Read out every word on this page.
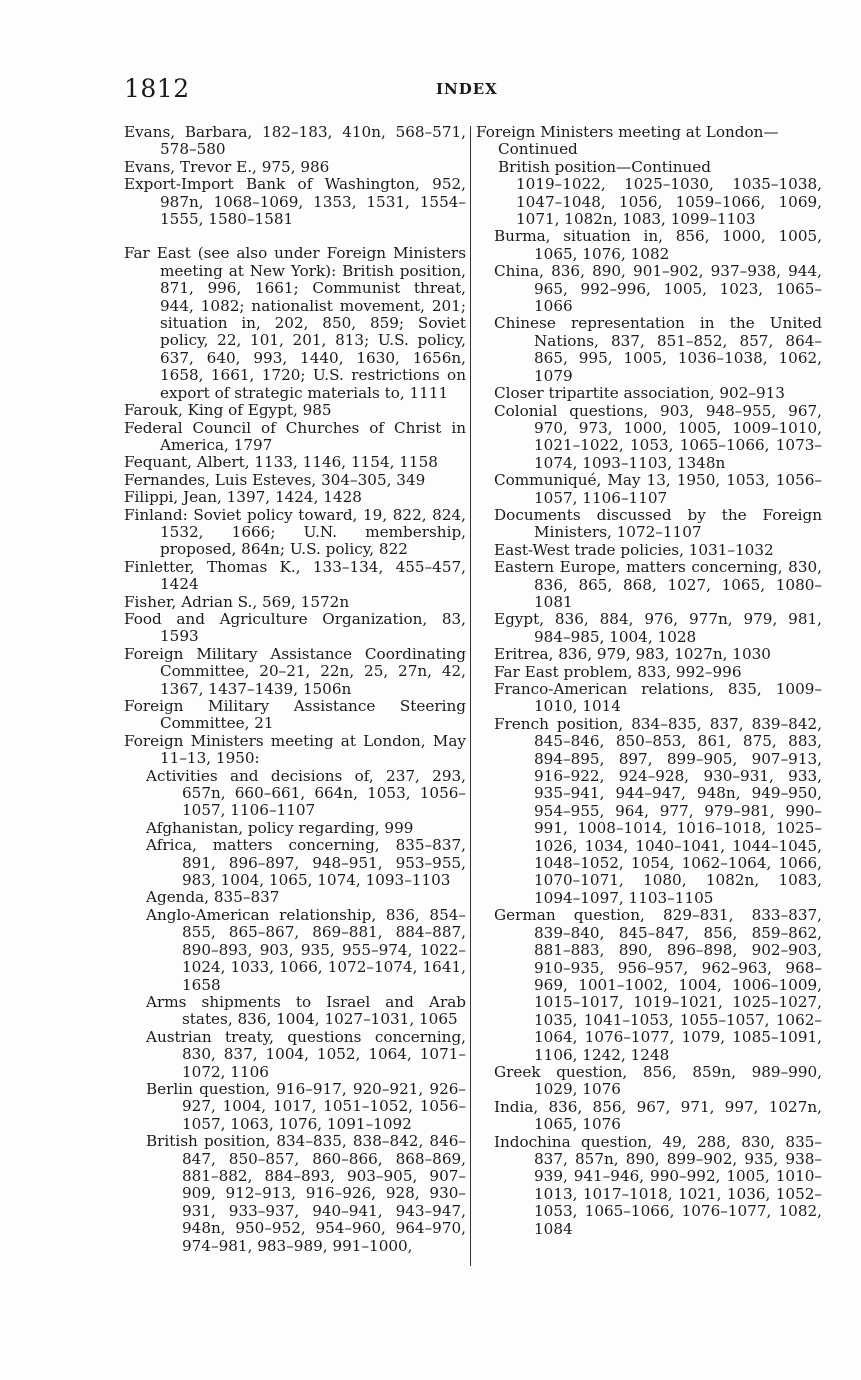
1812	INDEX

Evans, Barbara, 182–183, 410n, 568–571, 578–580

Evans, Trevor E., 975, 986

Export-Import Bank of Washington, 952, 987n, 1068–1069, 1353, 1531, 1554–1555, 1580–1581

Far East (see also under Foreign Ministers meeting at New York): British position, 871, 996, 1661; Communist threat, 944, 1082; nationalist movement, 201; situation in, 202, 850, 859; Soviet policy, 22, 101, 201, 813; U.S. policy, 637, 640, 993, 1440, 1630, 1656n, 1658, 1661, 1720; U.S. restrictions on export of strategic materials to, 1111

Farouk, King of Egypt, 985

Federal Council of Churches of Christ in America, 1797

Fequant, Albert, 1133, 1146, 1154, 1158

Fernandes, Luis Esteves, 304–305, 349

Filippi, Jean, 1397, 1424, 1428

Finland: Soviet policy toward, 19, 822, 824, 1532, 1666; U.N. membership, proposed, 864n; U.S. policy, 822

Finletter, Thomas K., 133–134, 455–457, 1424

Fisher, Adrian S., 569, 1572n

Food and Agriculture Organization, 83, 1593

Foreign Military Assistance Coordinating Committee, 20–21, 22n, 25, 27n, 42, 1367, 1437–1439, 1506n

Foreign Military Assistance Steering Committee, 21

Foreign Ministers meeting at London, May 11–13, 1950:

Activities and decisions of, 237, 293, 657n, 660–661, 664n, 1053, 1056–1057, 1106–1107

Afghanistan, policy regarding, 999

Africa, matters concerning, 835–837, 891, 896–897, 948–951, 953–955, 983, 1004, 1065, 1074, 1093–1103

Agenda, 835–837

Anglo-American relationship, 836, 854–855, 865–867, 869–881, 884–887, 890–893, 903, 935, 955–974, 1022–1024, 1033, 1066, 1072–1074, 1641, 1658

Arms shipments to Israel and Arab states, 836, 1004, 1027–1031, 1065

Austrian treaty, questions concerning, 830, 837, 1004, 1052, 1064, 1071–1072, 1106

Berlin question, 916–917, 920–921, 926–927, 1004, 1017, 1051–1052, 1056–1057, 1063, 1076, 1091–1092

British position, 834–835, 838–842, 846–847, 850–857, 860–866, 868–869, 881–882, 884–893, 903–905, 907–909, 912–913, 916–926, 928, 930–931, 933–937, 940–941, 943–947, 948n, 950–952, 954–960, 964–970, 974–981, 983–989, 991–1000,

Foreign Ministers meeting at London—

Continued

British position—Continued

1019–1022, 1025–1030, 1035–1038, 1047–1048, 1056, 1059–1066, 1069, 1071, 1082n, 1083, 1099–1103

Burma, situation in, 856, 1000, 1005, 1065, 1076, 1082

China, 836, 890, 901–902, 937–938, 944, 965, 992–996, 1005, 1023, 1065–1066

Chinese representation in the United Nations, 837, 851–852, 857, 864–865, 995, 1005, 1036–1038, 1062, 1079

Closer tripartite association, 902–913

Colonial questions, 903, 948–955, 967, 970, 973, 1000, 1005, 1009–1010, 1021–1022, 1053, 1065–1066, 1073–1074, 1093–1103, 1348n

Communiqué, May 13, 1950, 1053, 1056–1057, 1106–1107

Documents discussed by the Foreign Ministers, 1072–1107

East-West trade policies, 1031–1032

Eastern Europe, matters concerning, 830, 836, 865, 868, 1027, 1065, 1080–1081

Egypt, 836, 884, 976, 977n, 979, 981, 984–985, 1004, 1028

Eritrea, 836, 979, 983, 1027n, 1030

Far East problem, 833, 992–996

Franco-American relations, 835, 1009–1010, 1014

French position, 834–835, 837, 839–842, 845–846, 850–853, 861, 875, 883, 894–895, 897, 899–905, 907–913, 916–922, 924–928, 930–931, 933, 935–941, 944–947, 948n, 949–950, 954–955, 964, 977, 979–981, 990–991, 1008–1014, 1016–1018, 1025–1026, 1034, 1040–1041, 1044–1045, 1048–1052, 1054, 1062–1064, 1066, 1070–1071, 1080, 1082n, 1083, 1094–1097, 1103–1105

German question, 829–831, 833–837, 839–840, 845–847, 856, 859–862, 881–883, 890, 896–898, 902–903, 910–935, 956–957, 962–963, 968–969, 1001–1002, 1004, 1006–1009, 1015–1017, 1019–1021, 1025–1027, 1035, 1041–1053, 1055–1057, 1062–1064, 1076–1077, 1079, 1085–1091, 1106, 1242, 1248

Greek question, 856, 859n, 989–990, 1029, 1076

India, 836, 856, 967, 971, 997, 1027n, 1065, 1076

Indochina question, 49, 288, 830, 835–837, 857n, 890, 899–902, 935, 938–939, 941–946, 990–992, 1005, 1010–1013, 1017–1018, 1021, 1036, 1052–1053, 1065–1066, 1076–1077, 1082, 1084
